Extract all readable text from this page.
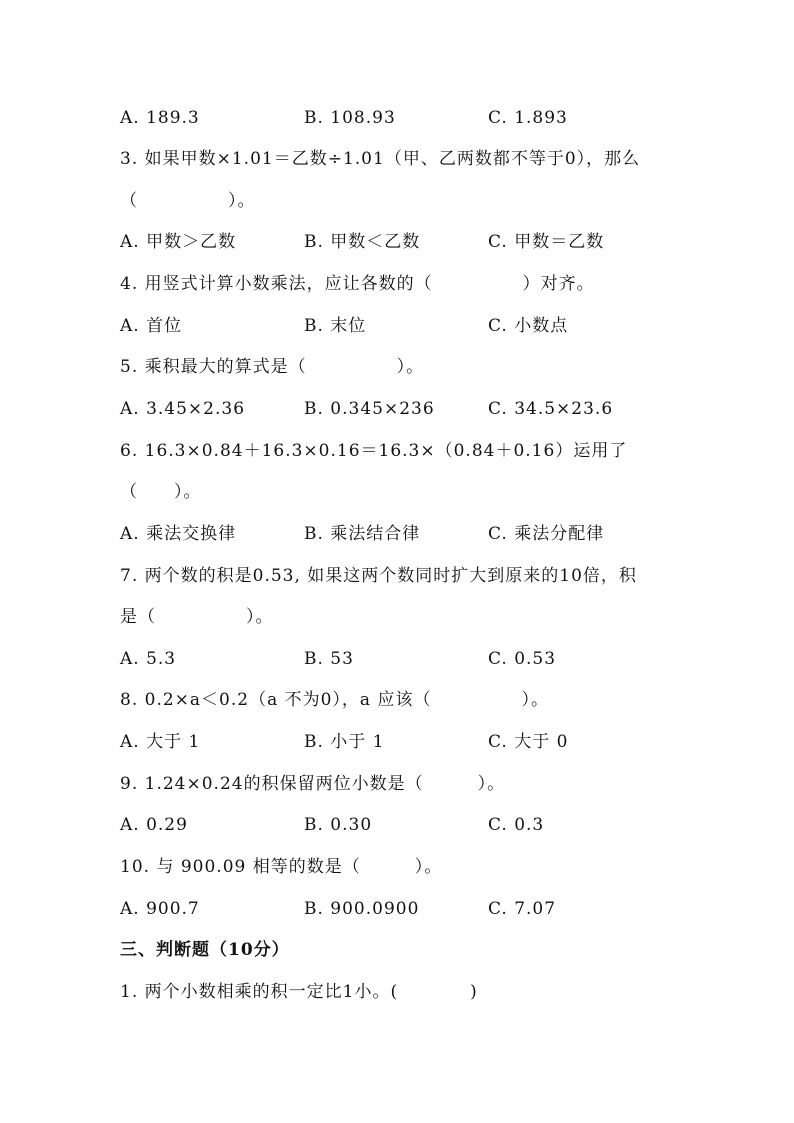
A. 189.3	B. 108.93	C. 1.893
3. 如果甲数×1.01＝乙数÷1.01（甲、乙两数都不等于0），那么
（　　　　　）。
A. 甲数＞乙数	B. 甲数＜乙数	C. 甲数＝乙数
4. 用竖式计算小数乘法，应让各数的（　　　　　）对齐。
A. 首位	B. 末位	C. 小数点
5. 乘积最大的算式是（　　　　　）。
A. 3.45×2.36	B. 0.345×236	C. 34.5×23.6
6. 16.3×0.84＋16.3×0.16＝16.3×（0.84＋0.16）运用了
（　　）。
A. 乘法交换律	B. 乘法结合律	C. 乘法分配律
7. 两个数的积是0.53, 如果这两个数同时扩大到原来的10倍，积
是（　　　　　）。
A. 5.3	B. 53	C. 0.53
8. 0.2×a＜0.2（a 不为0），a 应该（　　　　　）。
A. 大于 1	B. 小于 1	C. 大于 0
9. 1.24×0.24的积保留两位小数是（　　　）。
A. 0.29	B. 0.30	C. 0.3
10. 与 900.09 相等的数是（　　　）。
A. 900.7	B. 900.0900	C. 7.07
三、判断题（10分）
1. 两个小数相乘的积一定比1小。(　　　　)
